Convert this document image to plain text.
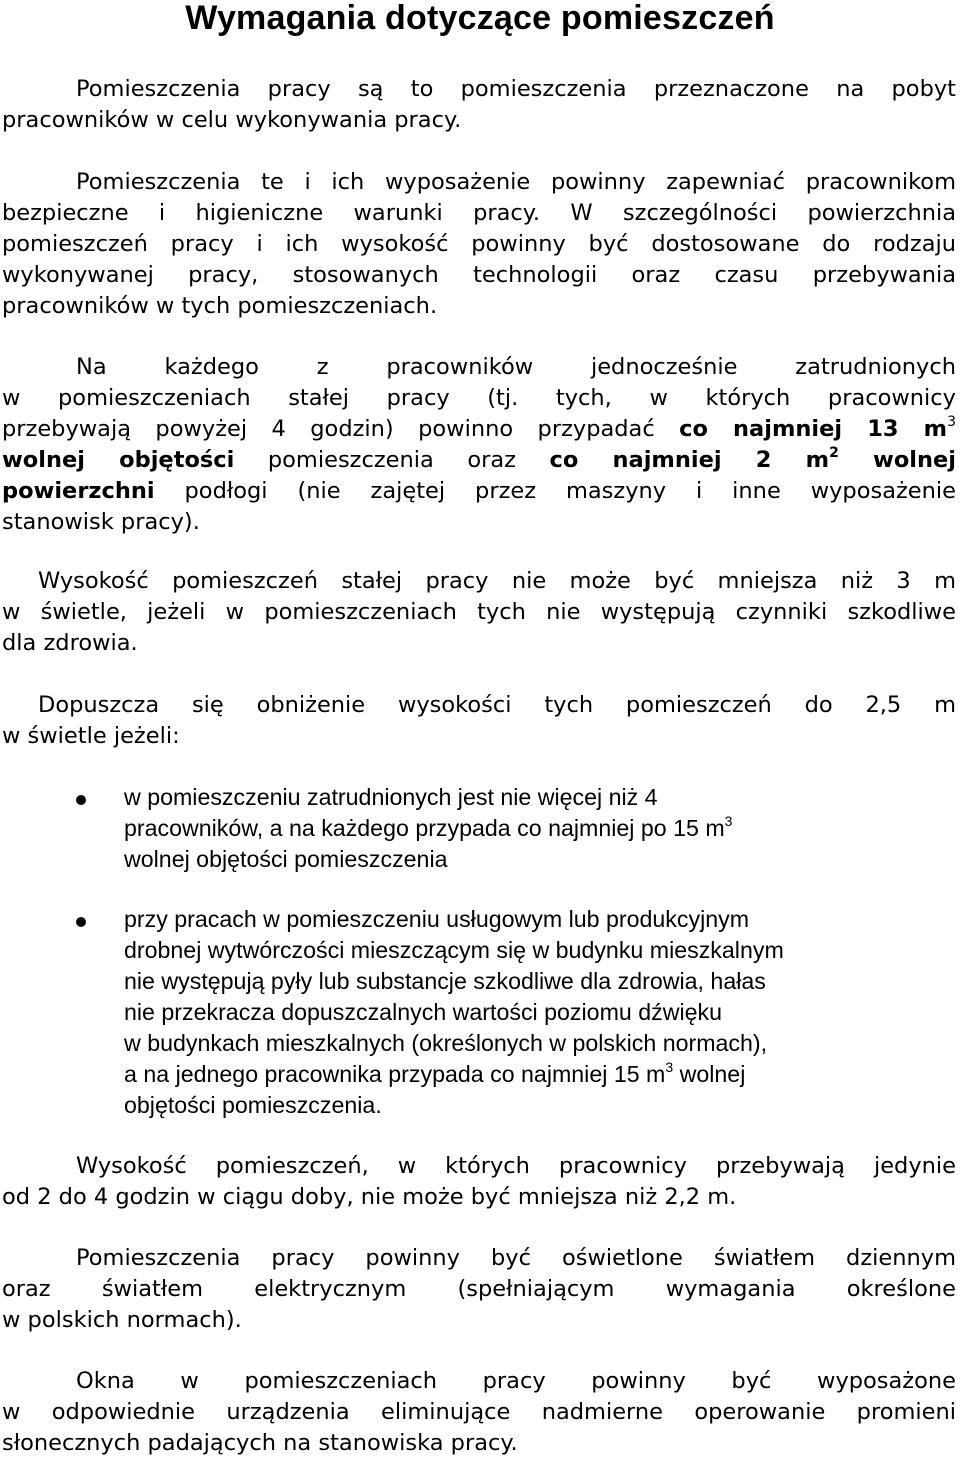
Wymagania dotyczące pomieszczeń
Pomieszczenia pracy są to pomieszczenia przeznaczone na pobyt
pracowników w celu wykonywania pracy.
Pomieszczenia te i ich wyposażenie powinny zapewniać pracownikom
bezpieczne i higieniczne warunki pracy. W szczególności powierzchnia
pomieszczeń pracy i ich wysokość powinny być dostosowane do rodzaju
wykonywanej pracy, stosowanych technologii oraz czasu przebywania
pracowników w tych pomieszczeniach.
Na każdego z pracowników jednocześnie zatrudnionych
w pomieszczeniach stałej pracy (tj. tych, w których pracownicy
przebywają powyżej 4 godzin) powinno przypadać co najmniej 13 $m^3$
wolnej objętości pomieszczenia oraz co najmniej 2 $m^2$ wolnej
powierzchni podłogi (nie zajętej przez maszyny i inne wyposażenie
stanowisk pracy).
Wysokość pomieszczeń stałej pracy nie może być mniejsza niż 3 m
w świetle, jeżeli w pomieszczeniach tych nie występują czynniki szkodliwe
dla zdrowia.
Dopuszcza się obniżenie wysokości tych pomieszczeń do 2,5 m
w świetle jeżeli:
w pomieszczeniu zatrudnionych jest nie więcej niż 4
pracowników, a na każdego przypada co najmniej po 15 $m^3$
wolnej objętości pomieszczenia
przy pracach w pomieszczeniu usługowym lub produkcyjnym
drobnej wytwórczości mieszczącym się w budynku mieszkalnym
nie występują pyły lub substancje szkodliwe dla zdrowia, hałas
nie przekracza dopuszczalnych wartości poziomu dźwięku
w budynkach mieszkalnych (określonych w polskich normach),
a na jednego pracownika przypada co najmniej 15 $m^3$ wolnej
objętości pomieszczenia.
Wysokość pomieszczeń, w których pracownicy przebywają jedynie
od 2 do 4 godzin w ciągu doby, nie może być mniejsza niż 2,2 m.
Pomieszczenia pracy powinny być oświetlone światłem dziennym
oraz światłem elektrycznym (spełniającym wymagania określone
w polskich normach).
Okna w pomieszczeniach pracy powinny być wyposażone
w odpowiednie urządzenia eliminujące nadmierne operowanie promieni
słonecznych padających na stanowiska pracy.
